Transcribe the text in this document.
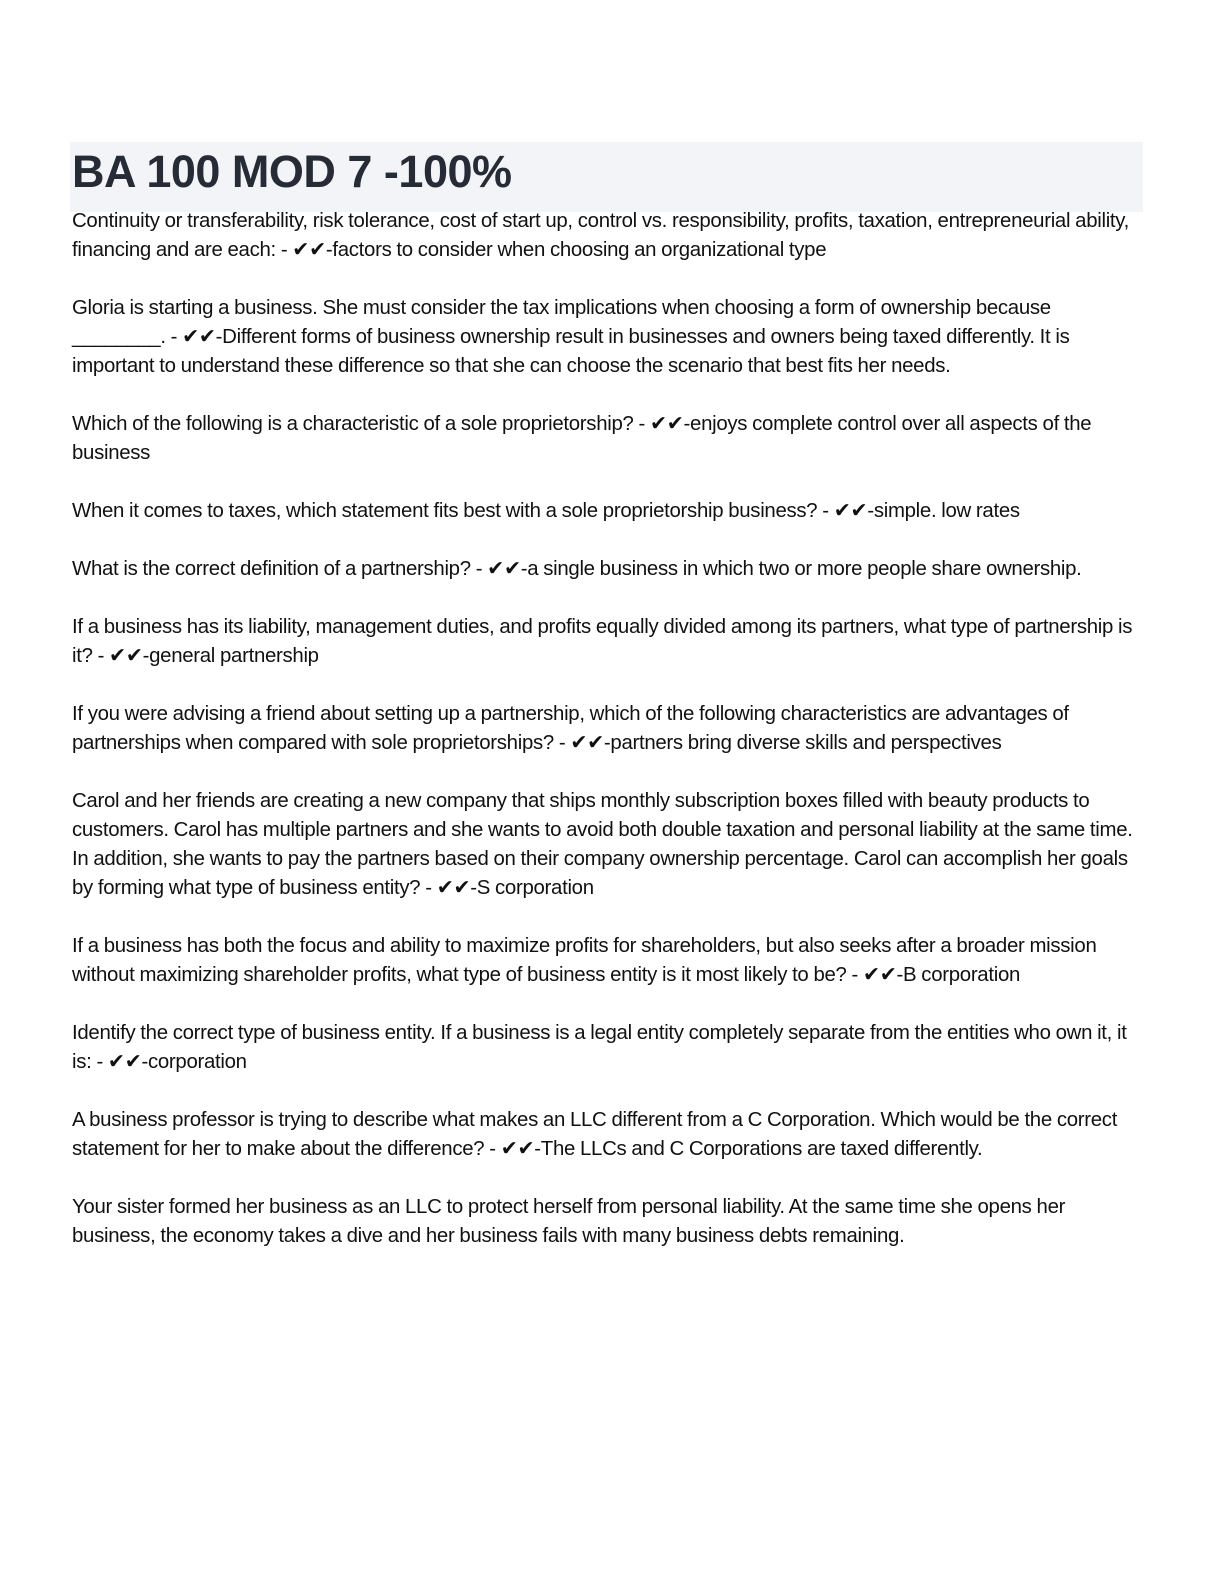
BA 100 MOD 7 -100%

Continuity or transferability, risk tolerance, cost of start up, control vs. responsibility, profits, taxation, entrepreneurial ability, financing and are each: - ✔✔-factors to consider when choosing an organizational type

Gloria is starting a business. She must consider the tax implications when choosing a form of ownership because ________. - ✔✔-Different forms of business ownership result in businesses and owners being taxed differently. It is important to understand these difference so that she can choose the scenario that best fits her needs.

Which of the following is a characteristic of a sole proprietorship? - ✔✔-enjoys complete control over all aspects of the business

When it comes to taxes, which statement fits best with a sole proprietorship business? - ✔✔-simple. low rates

What is the correct definition of a partnership? - ✔✔-a single business in which two or more people share ownership.

If a business has its liability, management duties, and profits equally divided among its partners, what type of partnership is it? - ✔✔-general partnership

If you were advising a friend about setting up a partnership, which of the following characteristics are advantages of partnerships when compared with sole proprietorships? - ✔✔-partners bring diverse skills and perspectives

Carol and her friends are creating a new company that ships monthly subscription boxes filled with beauty products to customers. Carol has multiple partners and she wants to avoid both double taxation and personal liability at the same time. In addition, she wants to pay the partners based on their company ownership percentage. Carol can accomplish her goals by forming what type of business entity? - ✔✔-S corporation

If a business has both the focus and ability to maximize profits for shareholders, but also seeks after a broader mission without maximizing shareholder profits, what type of business entity is it most likely to be? - ✔✔-B corporation

Identify the correct type of business entity. If a business is a legal entity completely separate from the entities who own it, it is: - ✔✔-corporation

A business professor is trying to describe what makes an LLC different from a C Corporation. Which would be the correct statement for her to make about the difference? - ✔✔-The LLCs and C Corporations are taxed differently.

Your sister formed her business as an LLC to protect herself from personal liability. At the same time she opens her business, the economy takes a dive and her business fails with many business debts remaining.
